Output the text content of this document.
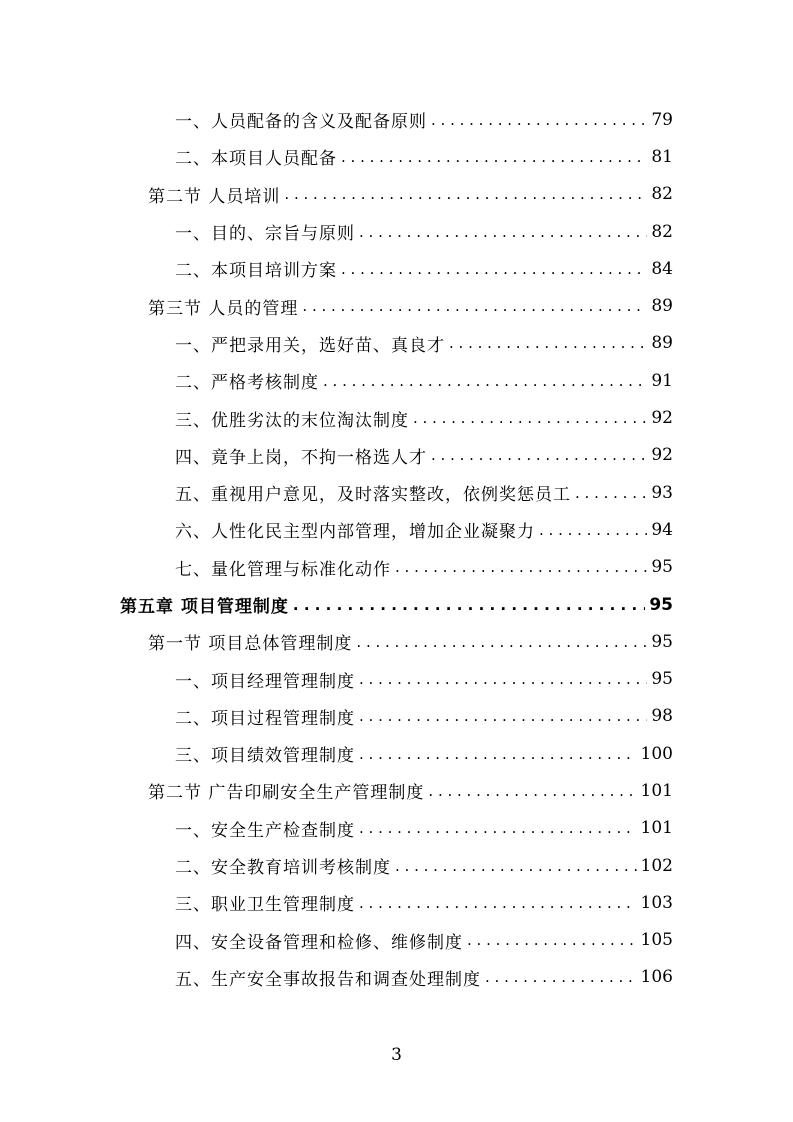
一、人员配备的含义及配备原则 . . .	79
二、本项目人员配备 . . .	81
第二节 人员培训 . . .	82
一、目的、宗旨与原则 . . .	82
二、本项目培训方案 . . .	84
第三节 人员的管理 . . .	89
一、严把录用关，选好苗、真良才 . . .	89
二、严格考核制度 . . .	91
三、优胜劣汰的末位淘汰制度 . . .	92
四、竟争上岗，不拘一格选人才 . . .	92
五、重视用户意见，及时落实整改，依例奖惩员工 . . .	93
六、人性化民主型内部管理，增加企业凝聚力 . . .	94
七、量化管理与标准化动作 . . .	95
第五章 项目管理制度 . . .	95
第一节 项目总体管理制度 . . .	95
一、项目经理管理制度 . . .	95
二、项目过程管理制度 . . .	98
三、项目绩效管理制度 . . .	100
第二节 广告印刷安全生产管理制度 . . .	101
一、安全生产检查制度 . . .	101
二、安全教育培训考核制度 . . .	102
三、职业卫生管理制度 . . .	103
四、安全设备管理和检修、维修制度 . . .	105
五、生产安全事故报告和调查处理制度 . . .	106
3
